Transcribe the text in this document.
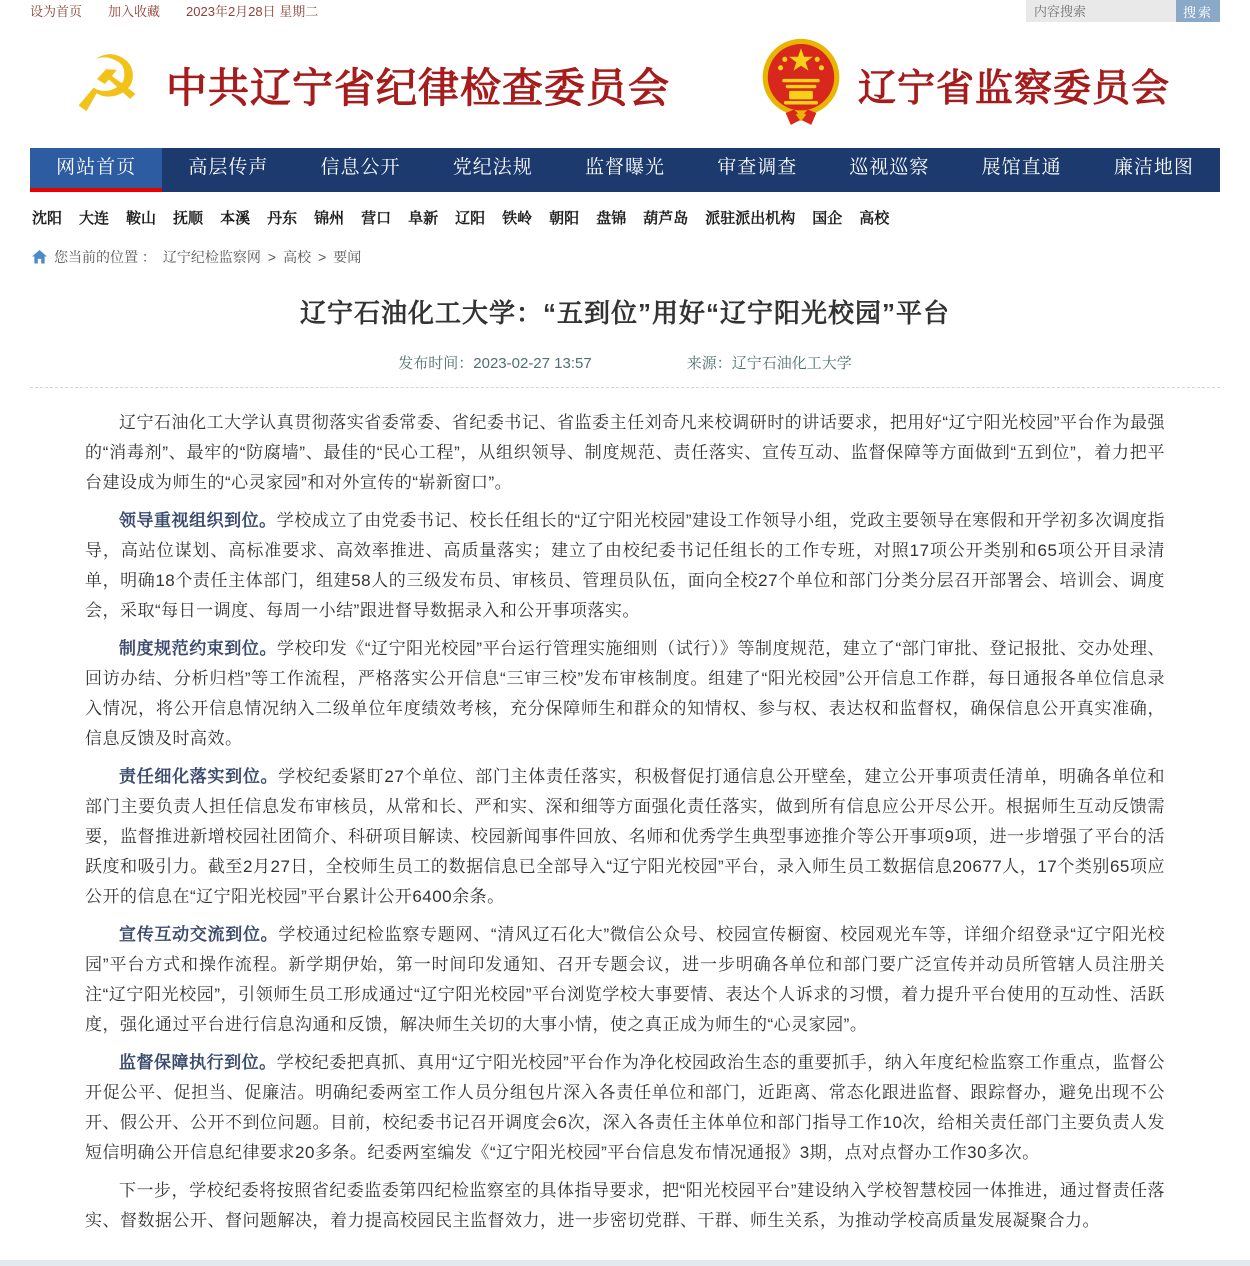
设为首页 加入收藏 2023年2月28日 星期二
内容搜索	搜索
☭ 中共辽宁省纪律检查委员会	辽宁省监察委员会
网站首页	高层传声	信息公开	党纪法规	监督曝光	审查调查	巡视巡察	展馆直通	廉洁地图
沈阳 大连 鞍山 抚顺 本溪 丹东 锦州 营口 阜新 辽阳 铁岭 朝阳 盘锦 葫芦岛 派驻派出机构 国企 高校
您当前的位置 ： 辽宁纪检监察网 > 高校 > 要闻
辽宁石油化工大学：“五到位”用好“辽宁阳光校园”平台
发布时间：2023-02-27 13:57	来源：辽宁石油化工大学

辽宁石油化工大学认真贯彻落实省委常委、省纪委书记、省监委主任刘奇凡来校调研时的讲话要求，把用好“辽宁阳光校园”平台作为最强的“消毒剂”、最牢的“防腐墙”、最佳的“民心工程”，从组织领导、制度规范、责任落实、宣传互动、监督保障等方面做到“五到位”，着力把平台建设成为师生的“心灵家园”和对外宣传的“崭新窗口”。

领导重视组织到位。学校成立了由党委书记、校长任组长的“辽宁阳光校园”建设工作领导小组，党政主要领导在寒假和开学初多次调度指导，高站位谋划、高标准要求、高效率推进、高质量落实；建立了由校纪委书记任组长的工作专班，对照17项公开类别和65项公开目录清单，明确18个责任主体部门，组建58人的三级发布员、审核员、管理员队伍，面向全校27个单位和部门分类分层召开部署会、培训会、调度会，采取“每日一调度、每周一小结”跟进督导数据录入和公开事项落实。

制度规范约束到位。学校印发《“辽宁阳光校园”平台运行管理实施细则（试行）》等制度规范，建立了“部门审批、登记报批、交办处理、回访办结、分析归档”等工作流程，严格落实公开信息“三审三校”发布审核制度。组建了“阳光校园”公开信息工作群，每日通报各单位信息录入情况，将公开信息情况纳入二级单位年度绩效考核，充分保障师生和群众的知情权、参与权、表达权和监督权，确保信息公开真实准确，信息反馈及时高效。

责任细化落实到位。学校纪委紧盯27个单位、部门主体责任落实，积极督促打通信息公开壁垒，建立公开事项责任清单，明确各单位和部门主要负责人担任信息发布审核员，从常和长、严和实、深和细等方面强化责任落实，做到所有信息应公开尽公开。根据师生互动反馈需要，监督推进新增校园社团简介、科研项目解读、校园新闻事件回放、名师和优秀学生典型事迹推介等公开事项9项，进一步增强了平台的活跃度和吸引力。截至2月27日，全校师生员工的数据信息已全部导入“辽宁阳光校园”平台，录入师生员工数据信息20677人，17个类别65项应公开的信息在“辽宁阳光校园”平台累计公开6400余条。

宣传互动交流到位。学校通过纪检监察专题网、“清风辽石化大”微信公众号、校园宣传橱窗、校园观光车等，详细介绍登录“辽宁阳光校园”平台方式和操作流程。新学期伊始，第一时间印发通知、召开专题会议，进一步明确各单位和部门要广泛宣传并动员所管辖人员注册关注“辽宁阳光校园”，引领师生员工形成通过“辽宁阳光校园”平台浏览学校大事要情、表达个人诉求的习惯，着力提升平台使用的互动性、活跃度，强化通过平台进行信息沟通和反馈，解决师生关切的大事小情，使之真正成为师生的“心灵家园”。

监督保障执行到位。学校纪委把真抓、真用“辽宁阳光校园”平台作为净化校园政治生态的重要抓手，纳入年度纪检监察工作重点，监督公开促公平、促担当、促廉洁。明确纪委两室工作人员分组包片深入各责任单位和部门，近距离、常态化跟进监督、跟踪督办，避免出现不公开、假公开、公开不到位问题。目前，校纪委书记召开调度会6次，深入各责任主体单位和部门指导工作10次，给相关责任部门主要负责人发短信明确公开信息纪律要求20多条。纪委两室编发《“辽宁阳光校园”平台信息发布情况通报》3期，点对点督办工作30多次。

下一步，学校纪委将按照省纪委监委第四纪检监察室的具体指导要求，把“阳光校园平台”建设纳入学校智慧校园一体推进，通过督责任落实、督数据公开、督问题解决，着力提高校园民主监督效力，进一步密切党群、干群、师生关系，为推动学校高质量发展凝聚合力。
